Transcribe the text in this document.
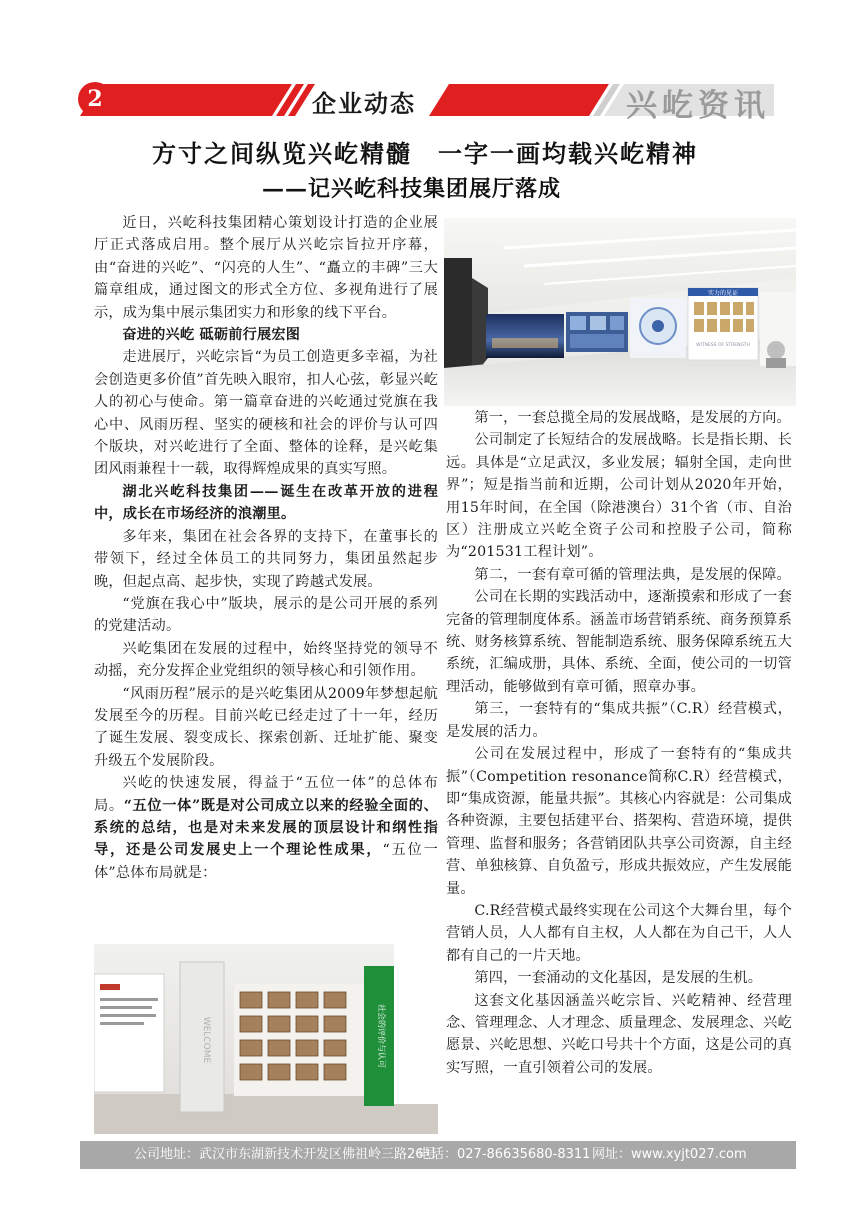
2	企业动态	兴屹资讯
方寸之间纵览兴屹精髓　一字一画均载兴屹精神
——记兴屹科技集团展厅落成

近日，兴屹科技集团精心策划设计打造的企业展厅正式落成启用。整个展厅从兴屹宗旨拉开序幕，由“奋进的兴屹”、“闪亮的人生”、“矗立的丰碑”三大篇章组成，通过图文的形式全方位、多视角进行了展示，成为集中展示集团实力和形象的线下平台。

奋进的兴屹 砥砺前行展宏图

走进展厅，兴屹宗旨“为员工创造更多幸福，为社会创造更多价值”首先映入眼帘，扣人心弦，彰显兴屹人的初心与使命。第一篇章奋进的兴屹通过党旗在我心中、风雨历程、坚实的硬核和社会的评价与认可四个版块，对兴屹进行了全面、整体的诠释，是兴屹集团风雨兼程十一载，取得辉煌成果的真实写照。

湖北兴屹科技集团——诞生在改革开放的进程中，成长在市场经济的浪潮里。

多年来，集团在社会各界的支持下，在董事长的带领下，经过全体员工的共同努力，集团虽然起步晚，但起点高、起步快，实现了跨越式发展。

“党旗在我心中”版块，展示的是公司开展的系列的党建活动。

兴屹集团在发展的过程中，始终坚持党的领导不动摇，充分发挥企业党组织的领导核心和引领作用。

“风雨历程”展示的是兴屹集团从2009年梦想起航发展至今的历程。目前兴屹已经走过了十一年，经历了诞生发展、裂变成长、探索创新、迁址扩能、聚变升级五个发展阶段。

兴屹的快速发展，得益于“五位一体”的总体布局。“五位一体”既是对公司成立以来的经验全面的、系统的总结，也是对未来发展的顶层设计和纲性指导，还是公司发展史上一个理论性成果，“五位一体”总体布局就是：

第一，一套总揽全局的发展战略，是发展的方向。

公司制定了长短结合的发展战略。长是指长期、长远。具体是“立足武汉，多业发展；辐射全国，走向世界”；短是指当前和近期，公司计划从2020年开始，用15年时间，在全国（除港澳台）31个省（市、自治区）注册成立兴屹全资子公司和控股子公司，简称为“201531工程计划”。

第二，一套有章可循的管理法典，是发展的保障。

公司在长期的实践活动中，逐渐摸索和形成了一套完备的管理制度体系。涵盖市场营销系统、商务预算系统、财务核算系统、智能制造系统、服务保障系统五大系统，汇编成册，具体、系统、全面，使公司的一切管理活动，能够做到有章可循，照章办事。

第三，一套特有的“集成共振”（C.R）经营模式，是发展的活力。

公司在发展过程中，形成了一套特有的“集成共振”（Competition resonance简称C.R）经营模式，即“集成资源，能量共振”。其核心内容就是：公司集成各种资源，主要包括建平台、搭架构、营造环境，提供管理、监督和服务；各营销团队共享公司资源，自主经营、单独核算、自负盈亏，形成共振效应，产生发展能量。

C.R经营模式最终实现在公司这个大舞台里，每个营销人员，人人都有自主权，人人都在为自己干，人人都有自己的一片天地。

第四，一套涌动的文化基因，是发展的生机。

这套文化基因涵盖兴屹宗旨、兴屹精神、经营理念、管理理念、人才理念、质量理念、发展理念、兴屹愿景、兴屹思想、兴屹口号共十个方面，这是公司的真实写照，一直引领着公司的发展。

实力的见证
WITNESS OF STRENGTH
WELCOME	社会的评价与认可
公司地址：武汉市东湖新技术开发区佛祖岭三路26号
电话：027-86635680-8311 网址：www.xyjt027.com
